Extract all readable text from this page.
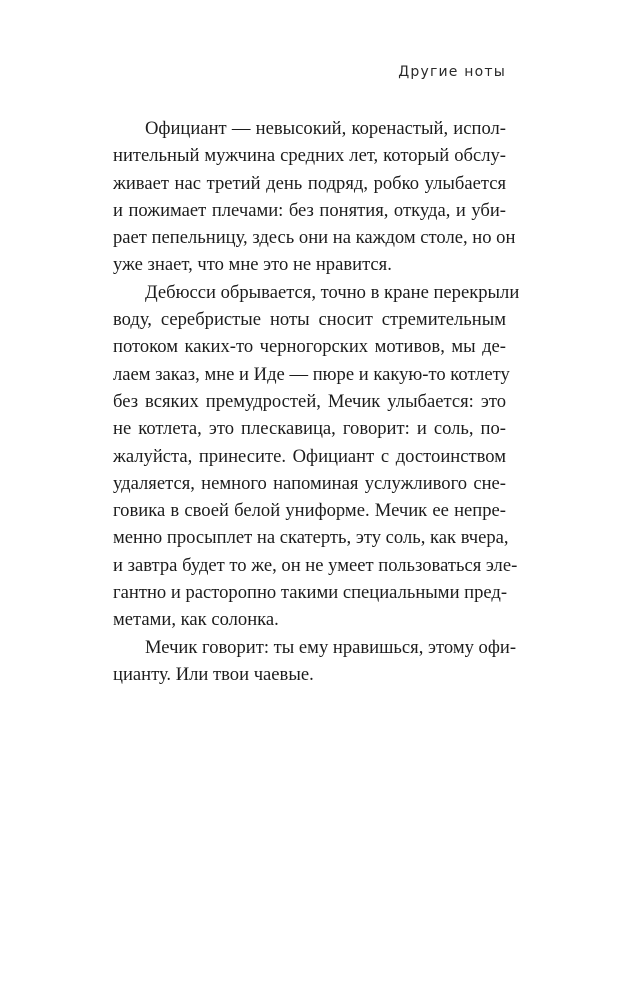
Другие ноты
Официант — невысокий, коренастый, испол-
нительный мужчина средних лет, который обслу-
живает нас третий день подряд, робко улыбается
и пожимает плечами: без понятия, откуда, и уби-
рает пепельницу, здесь они на каждом столе, но он
уже знает, что мне это не нравится.
Дебюсси обрывается, точно в кране перекрыли
воду, серебристые ноты сносит стремительным
потоком каких-то черногорских мотивов, мы де-
лаем заказ, мне и Иде — пюре и какую-то котлету
без всяких премудростей, Мечик улыбается: это
не котлета, это плескавица, говорит: и соль, по-
жалуйста, принесите. Официант с достоинством
удаляется, немного напоминая услужливого сне-
говика в своей белой униформе. Мечик ее непре-
менно просыплет на скатерть, эту соль, как вчера,
и завтра будет то же, он не умеет пользоваться эле-
гантно и расторопно такими специальными пред-
метами, как солонка.
Мечик говорит: ты ему нравишься, этому офи-
цианту. Или твои чаевые.
